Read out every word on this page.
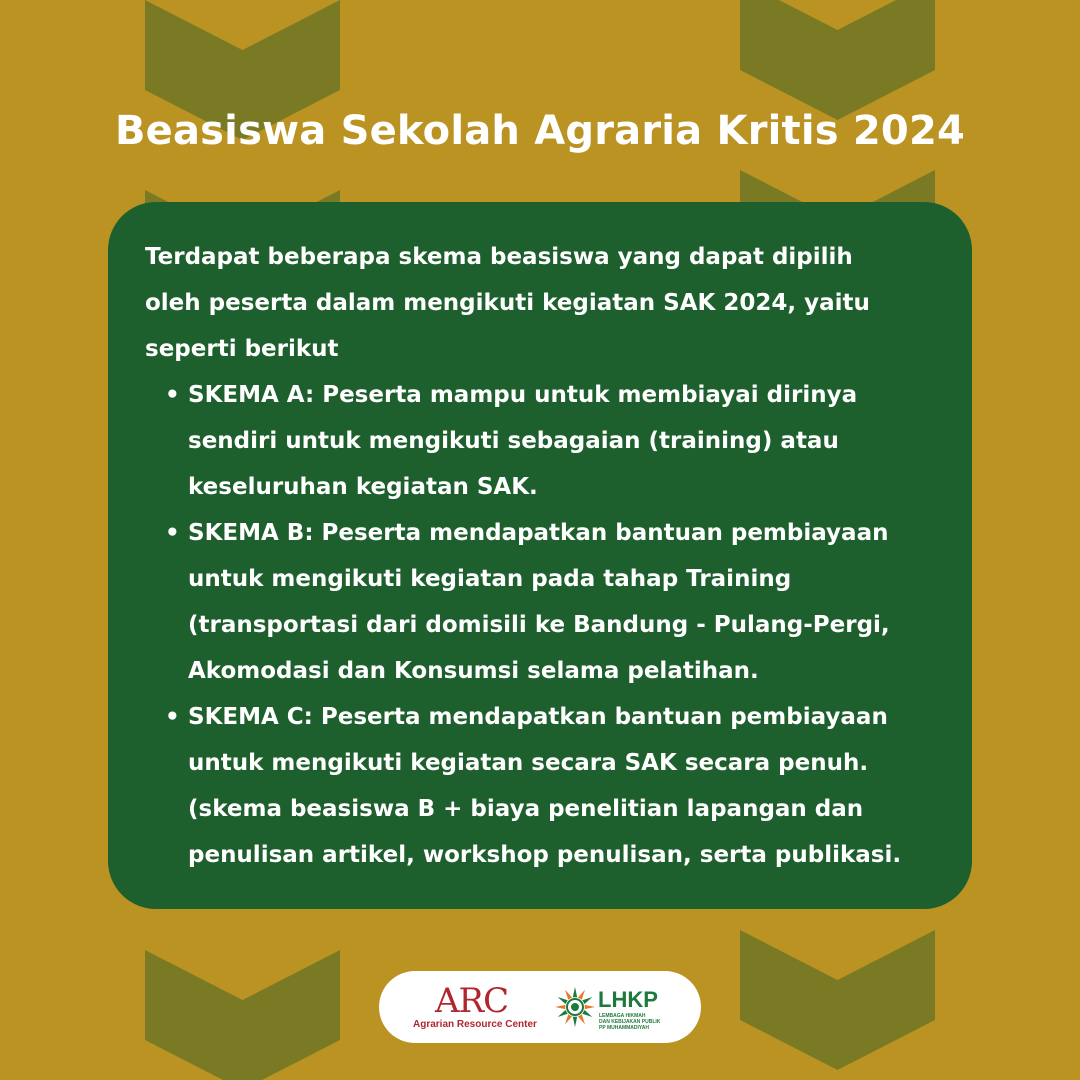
Beasiswa Sekolah Agraria Kritis 2024
Terdapat beberapa skema beasiswa yang dapat dipilih
oleh peserta dalam mengikuti kegiatan SAK 2024, yaitu
seperti berikut
• SKEMA A: Peserta mampu untuk membiayai dirinya
sendiri untuk mengikuti sebagaian (training) atau
keseluruhan kegiatan SAK.
• SKEMA B: Peserta mendapatkan bantuan pembiayaan
untuk mengikuti kegiatan pada tahap Training
(transportasi dari domisili ke Bandung - Pulang-Pergi,
Akomodasi dan Konsumsi selama pelatihan.
• SKEMA C: Peserta mendapatkan bantuan pembiayaan
untuk mengikuti kegiatan secara SAK secara penuh.
(skema beasiswa B + biaya penelitian lapangan dan
penulisan artikel, workshop penulisan, serta publikasi.
ARC
Agrarian Resource Center
LHKP
LEMBAGA HIKMAH
DAN KEBIJAKAN PUBLIK
PP MUHAMMADIYAH
